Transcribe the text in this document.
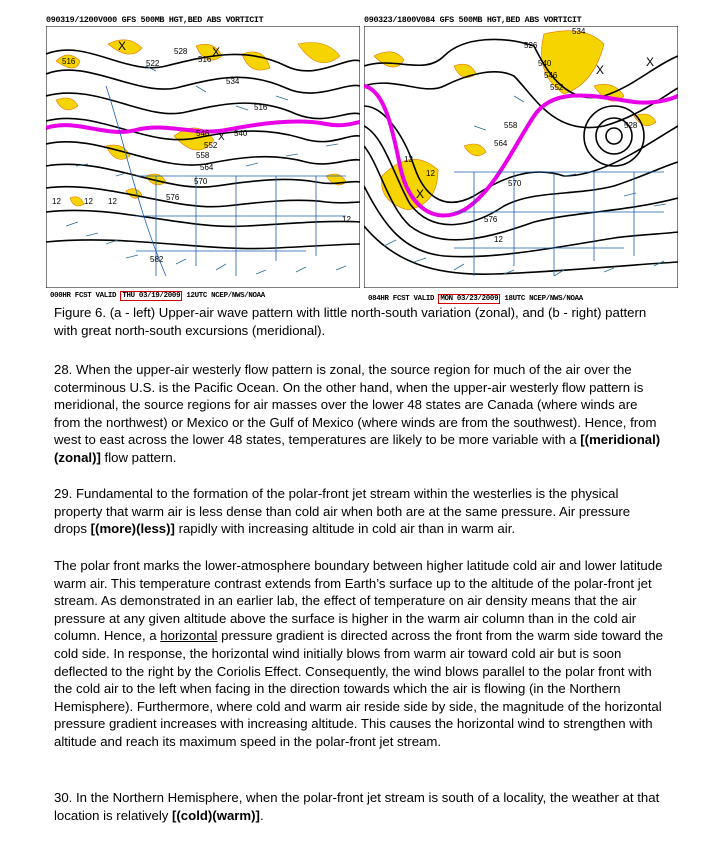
090319/1200V000 GFS 500MB HGT,BED ABS VORTICIT
X	X
X
516	522
528
516
534
516
540
546
552
558
564
570
576
582
12	12 12
12
000HR FCST VALID THU 03/19/2009 12UTC NCEP/NWS/NOAA
090323/1800V084 GFS 500MB HGT,BED ABS VORTICIT
X
X
X
526
534
540
546
552
558	528
564
570
576
12
12
12
084HR FCST VALID MON 03/23/2009 18UTC NCEP/NWS/NOAA
Figure 6. (a - left) Upper-air wave pattern with little north-south variation (zonal), and (b - right) pattern with great north-south excursions (meridional).

28. When the upper-air westerly flow pattern is zonal, the source region for much of the air over the coterminous U.S. is the Pacific Ocean. On the other hand, when the upper-air westerly flow pattern is meridional, the source regions for air masses over the lower 48 states are Canada (where winds are from the northwest) or Mexico or the Gulf of Mexico (where winds are from the southwest). Hence, from west to east across the lower 48 states, temperatures are likely to be more variable with a [(meridional)(zonal)] flow pattern.

29. Fundamental to the formation of the polar-front jet stream within the westerlies is the physical property that warm air is less dense than cold air when both are at the same pressure. Air pressure drops [(more)(less)] rapidly with increasing altitude in cold air than in warm air.

The polar front marks the lower-atmosphere boundary between higher latitude cold air and lower latitude warm air. This temperature contrast extends from Earth’s surface up to the altitude of the polar-front jet stream. As demonstrated in an earlier lab, the effect of temperature on air density means that the air pressure at any given altitude above the surface is higher in the warm air column than in the cold air column. Hence, a horizontal pressure gradient is directed across the front from the warm side toward the cold side. In response, the horizontal wind initially blows from warm air toward cold air but is soon deflected to the right by the Coriolis Effect. Consequently, the wind blows parallel to the polar front with the cold air to the left when facing in the direction towards which the air is flowing (in the Northern Hemisphere). Furthermore, where cold and warm air reside side by side, the magnitude of the horizontal pressure gradient increases with increasing altitude. This causes the horizontal wind to strengthen with altitude and reach its maximum speed in the polar-front jet stream.

30. In the Northern Hemisphere, when the polar-front jet stream is south of a locality, the weather at that location is relatively [(cold)(warm)].
